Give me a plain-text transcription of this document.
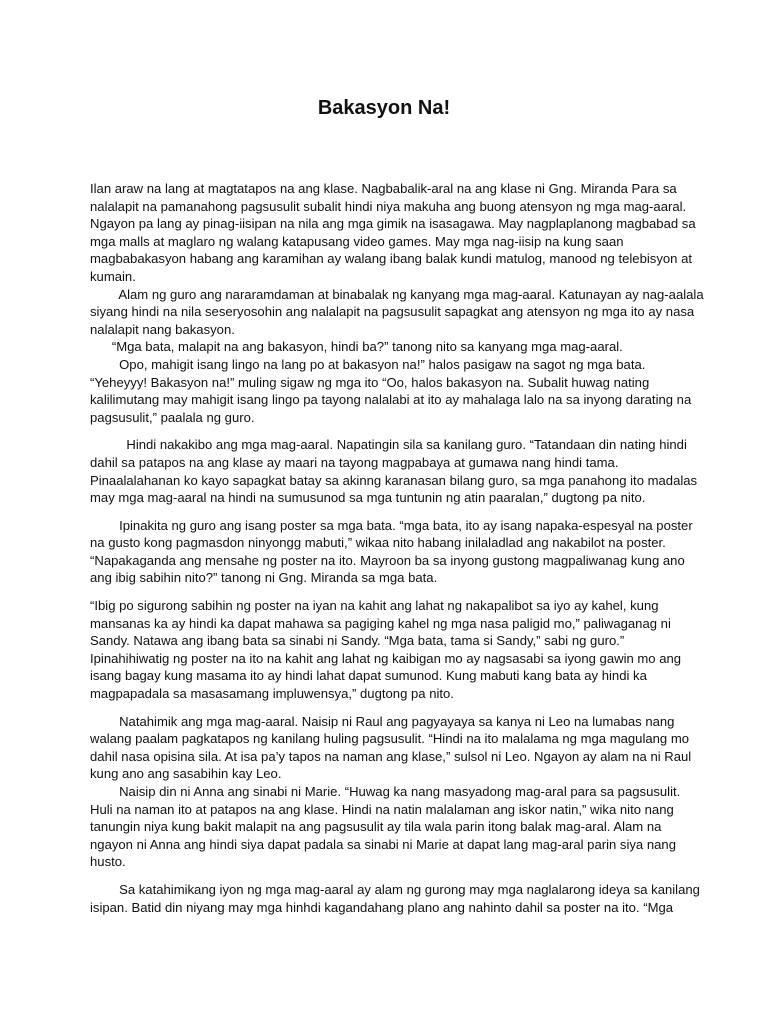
Bakasyon Na!

Ilan araw na lang at magtatapos na ang klase. Nagbabalik-aral na ang klase ni Gng. Miranda Para sa
nalalapit na pamanahong pagsusulit subalit hindi niya makuha ang buong atensyon ng mga mag-aaral.
Ngayon pa lang ay pinag-iisipan na nila ang mga gimik na isasagawa. May nagplaplanong magbabad sa
mga malls at maglaro ng walang katapusang video games. May mga nag-iisip na kung saan
magbabakasyon habang ang karamihan ay walang ibang balak kundi matulog, manood ng telebisyon at
kumain.

Alam ng guro ang nararamdaman at binabalak ng kanyang mga mag-aaral. Katunayan ay nag-aalala
siyang hindi na nila seseryosohin ang nalalapit na pagsusulit sapagkat ang atensyon ng mga ito ay nasa
nalalapit nang bakasyon.

“Mga bata, malapit na ang bakasyon, hindi ba?” tanong nito sa kanyang mga mag-aaral.

Opo, mahigit isang lingo na lang po at bakasyon na!” halos pasigaw na sagot ng mga bata.

“Yeheyyy! Bakasyon na!” muling sigaw ng mga ito “Oo, halos bakasyon na. Subalit huwag nating
kalilimutang may mahigit isang lingo pa tayong nalalabi at ito ay mahalaga lalo na sa inyong darating na
pagsusulit,” paalala ng guro.

Hindi nakakibo ang mga mag-aaral. Napatingin sila sa kanilang guro. “Tatandaan din nating hindi
dahil sa patapos na ang klase ay maari na tayong magpabaya at gumawa nang hindi tama.
Pinaalalahanan ko kayo sapagkat batay sa akinng karanasan bilang guro, sa mga panahong ito madalas
may mga mag-aaral na hindi na sumusunod sa mga tuntunin ng atin paaralan,” dugtong pa nito.

Ipinakita ng guro ang isang poster sa mga bata. “mga bata, ito ay isang napaka-espesyal na poster
na gusto kong pagmasdon ninyongg mabuti,” wikaa nito habang inilaladlad ang nakabilot na poster.
“Napakaganda ang mensahe ng poster na ito. Mayroon ba sa inyong gustong magpaliwanag kung ano
ang ibig sabihin nito?” tanong ni Gng. Miranda sa mga bata.

“Ibig po sigurong sabihin ng poster na iyan na kahit ang lahat ng nakapalibot sa iyo ay kahel, kung
mansanas ka ay hindi ka dapat mahawa sa pagiging kahel ng mga nasa paligid mo,” paliwaganag ni
Sandy. Natawa ang ibang bata sa sinabi ni Sandy. “Mga bata, tama si Sandy,” sabi ng guro.”
Ipinahihiwatig ng poster na ito na kahit ang lahat ng kaibigan mo ay nagsasabi sa iyong gawin mo ang
isang bagay kung masama ito ay hindi lahat dapat sumunod. Kung mabuti kang bata ay hindi ka
magpapadala sa masasamang impluwensya,” dugtong pa nito.

Natahimik ang mga mag-aaral. Naisip ni Raul ang pagyayaya sa kanya ni Leo na lumabas nang
walang paalam pagkatapos ng kanilang huling pagsusulit. “Hindi na ito malalama ng mga magulang mo
dahil nasa opisina sila. At isa pa’y tapos na naman ang klase,” sulsol ni Leo. Ngayon ay alam na ni Raul
kung ano ang sasabihin kay Leo.

Naisip din ni Anna ang sinabi ni Marie. “Huwag ka nang masyadong mag-aral para sa pagsusulit.
Huli na naman ito at patapos na ang klase. Hindi na natin malalaman ang iskor natin,” wika nito nang
tanungin niya kung bakit malapit na ang pagsusulit ay tila wala parin itong balak mag-aral. Alam na
ngayon ni Anna ang hindi siya dapat padala sa sinabi ni Marie at dapat lang mag-aral parin siya nang
husto.

Sa katahimikang iyon ng mga mag-aaral ay alam ng gurong may mga naglalarong ideya sa kanilang
isipan. Batid din niyang may mga hinhdi kagandahang plano ang nahinto dahil sa poster na ito. “Mga
